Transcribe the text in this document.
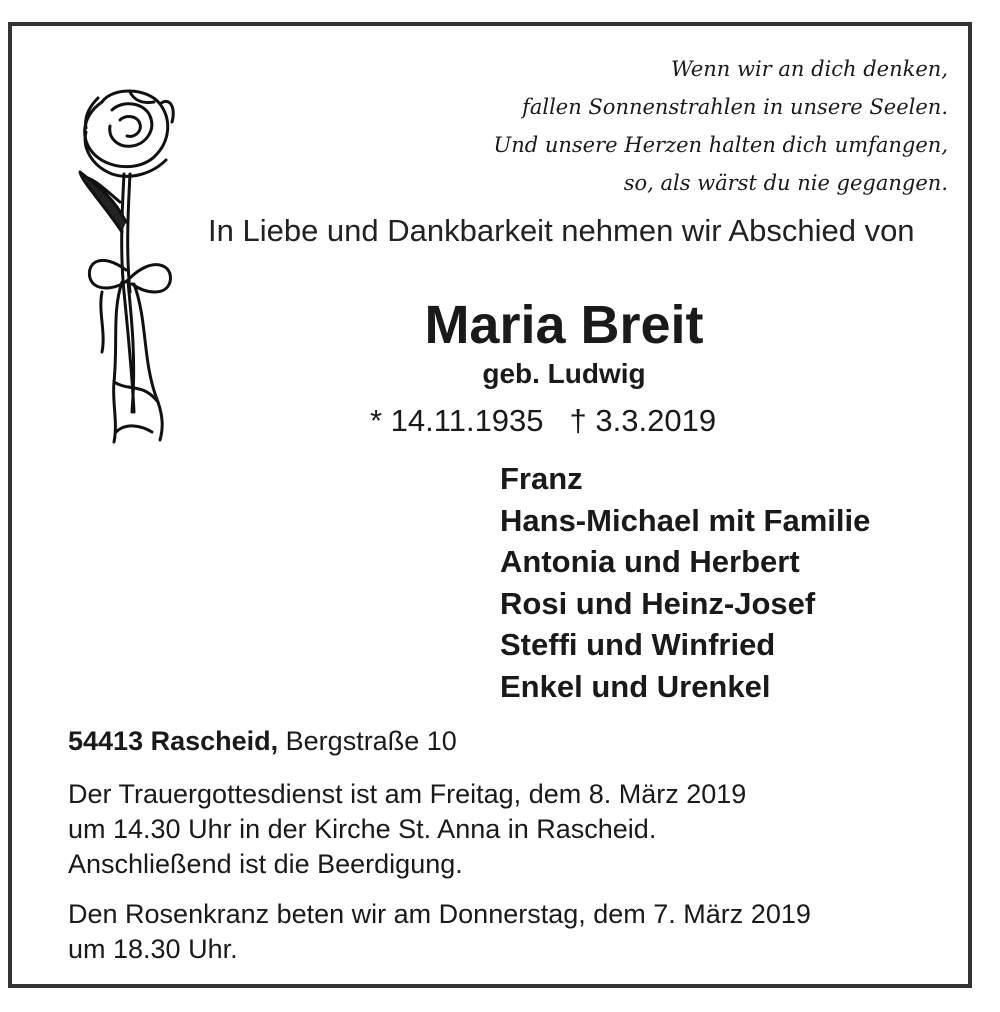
Wenn wir an dich denken,
fallen Sonnenstrahlen in unsere Seelen.
Und unsere Herzen halten dich umfangen,
so, als wärst du nie gegangen.
In Liebe und Dankbarkeit nehmen wir Abschied von
Maria Breit
geb. Ludwig
* 14.11.1935 † 3.3.2019
Franz
Hans-Michael mit Familie
Antonia und Herbert
Rosi und Heinz-Josef
Steffi und Winfried
Enkel und Urenkel
54413 Rascheid, Bergstraße 10
Der Trauergottesdienst ist am Freitag, dem 8. März 2019
um 14.30 Uhr in der Kirche St. Anna in Rascheid.
Anschließend ist die Beerdigung.
Den Rosenkranz beten wir am Donnerstag, dem 7. März 2019
um 18.30 Uhr.
